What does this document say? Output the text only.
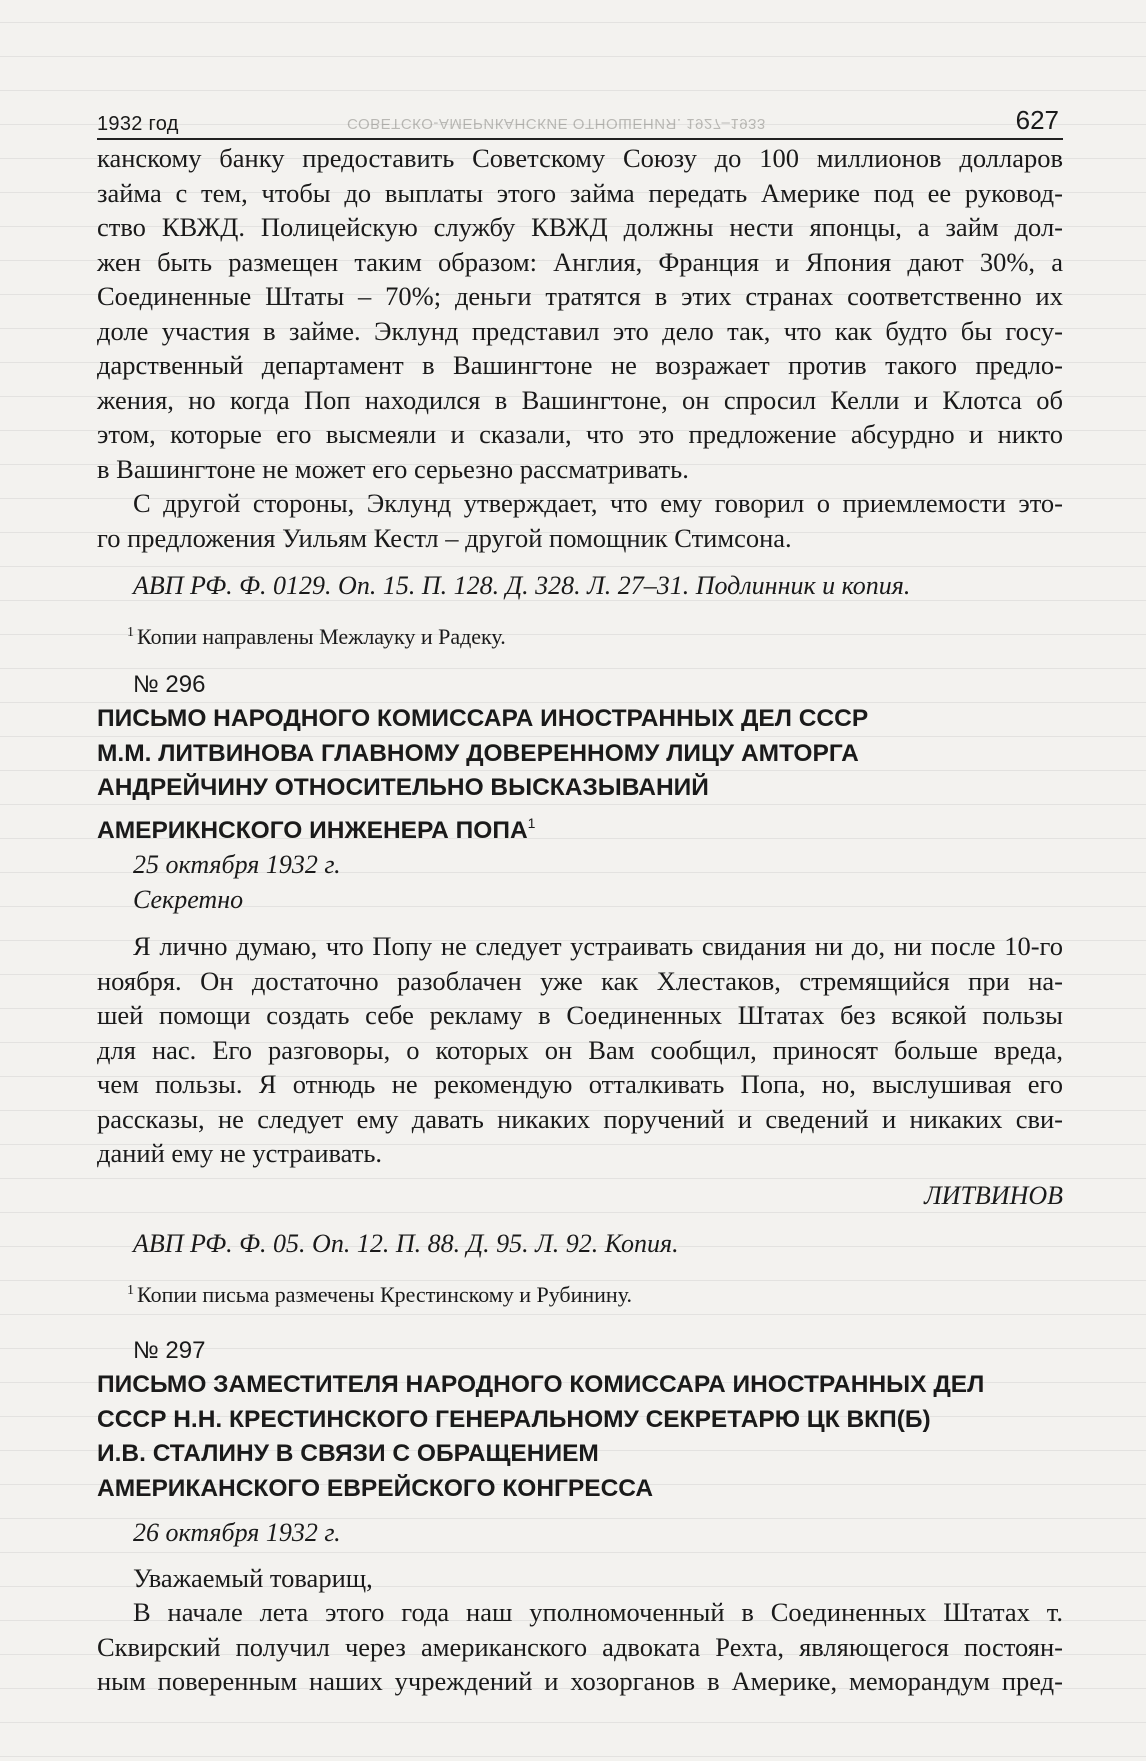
1932 год	СОВЕТСКО-АМЕРИКАНСКИЕ ОТНОШЕНИЯ. 1927–1933	627

канскому банку предоставить Советскому Союзу до 100 миллионов долларов

займа с тем, чтобы до выплаты этого займа передать Америке под ее руковод-

ство КВЖД. Полицейскую службу КВЖД должны нести японцы, а займ дол-

жен быть размещен таким образом: Англия, Франция и Япония дают 30%, а

Соединенные Штаты – 70%; деньги тратятся в этих странах соответственно их

доле участия в займе. Эклунд представил это дело так, что как будто бы госу-

дарственный департамент в Вашингтоне не возражает против такого предло-

жения, но когда Поп находился в Вашингтоне, он спросил Келли и Клотса об

этом, которые его высмеяли и сказали, что это предложение абсурдно и никто

в Вашингтоне не может его серьезно рассматривать.

С другой стороны, Эклунд утверждает, что ему говорил о приемлемости это-

го предложения Уильям Кестл – другой помощник Стимсона.

АВП РФ. Ф. 0129. Оп. 15. П. 128. Д. 328. Л. 27–31. Подлинник и копия.

$^1$ Копии направлены Межлауку и Радеку.

№ 296

ПИСЬМО НАРОДНОГО КОМИССАРА ИНОСТРАННЫХ ДЕЛ СССР

М.М. ЛИТВИНОВА ГЛАВНОМУ ДОВЕРЕННОМУ ЛИЦУ АМТОРГА

АНДРЕЙЧИНУ ОТНОСИТЕЛЬНО ВЫСКАЗЫВАНИЙ

АМЕРИКНСКОГО ИНЖЕНЕРА ПОПА$^1$

25 октября 1932 г.

Секретно

Я лично думаю, что Попу не следует устраивать свидания ни до, ни после 10-го

ноября. Он достаточно разоблачен уже как Хлестаков, стремящийся при на-

шей помощи создать себе рекламу в Соединенных Штатах без всякой пользы

для нас. Его разговоры, о которых он Вам сообщил, приносят больше вреда,

чем пользы. Я отнюдь не рекомендую отталкивать Попа, но, выслушивая его

рассказы, не следует ему давать никаких поручений и сведений и никаких сви-

даний ему не устраивать.

ЛИТВИНОВ

АВП РФ. Ф. 05. Оп. 12. П. 88. Д. 95. Л. 92. Копия.

$^1$ Копии письма размечены Крестинскому и Рубинину.

№ 297

ПИСЬМО ЗАМЕСТИТЕЛЯ НАРОДНОГО КОМИССАРА ИНОСТРАННЫХ ДЕЛ

СССР Н.Н. КРЕСТИНСКОГО ГЕНЕРАЛЬНОМУ СЕКРЕТАРЮ ЦК ВКП(Б)

И.В. СТАЛИНУ В СВЯЗИ С ОБРАЩЕНИЕМ

АМЕРИКАНСКОГО ЕВРЕЙСКОГО КОНГРЕССА

26 октября 1932 г.

Уважаемый товарищ,

В начале лета этого года наш уполномоченный в Соединенных Штатах т.

Сквирский получил через американского адвоката Рехта, являющегося постоян-

ным поверенным наших учреждений и хозорганов в Америке, меморандум пред-
